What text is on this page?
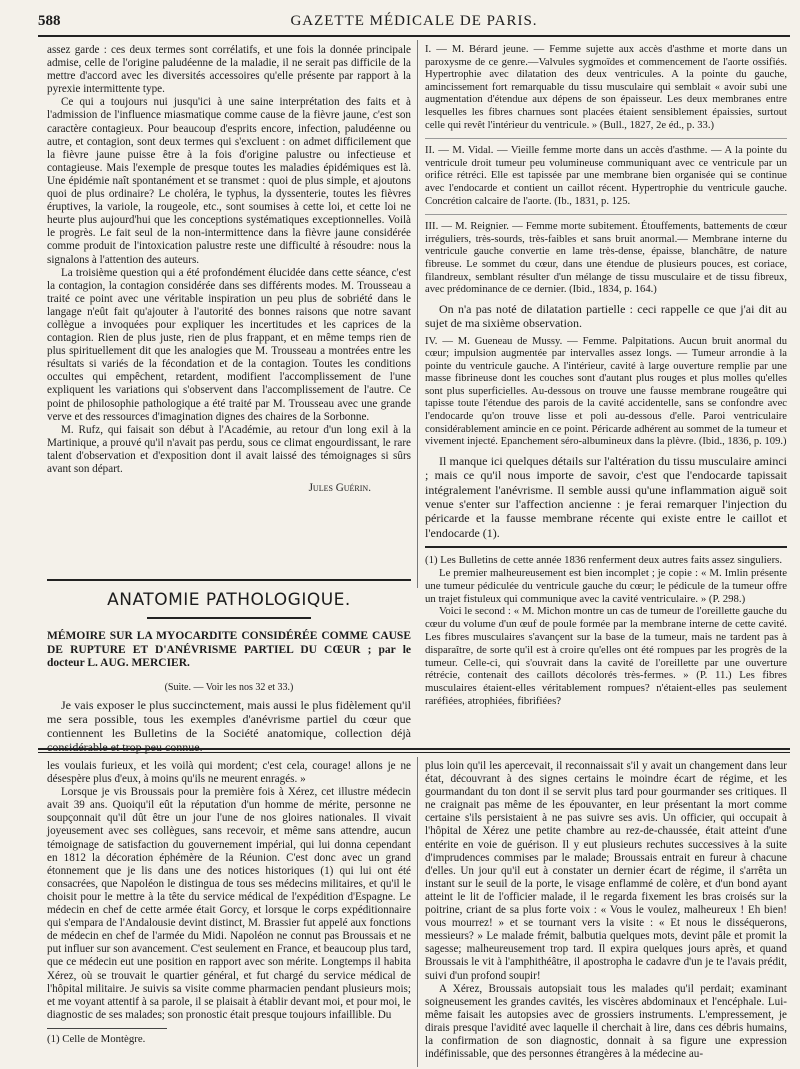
588	GAZETTE MÉDICALE DE PARIS.

assez garde : ces deux termes sont corrélatifs, et une fois la donnée principale admise, celle de l'origine paludéenne de la maladie, il ne serait pas difficile de la mettre d'accord avec les diversités accessoires qu'elle présente par rapport à la pyrexie intermittente type.

Ce qui a toujours nui jusqu'ici à une saine interprétation des faits et à l'admission de l'influence miasmatique comme cause de la fièvre jaune, c'est son caractère contagieux. Pour beaucoup d'esprits encore, infection, paludéenne ou autre, et contagion, sont deux termes qui s'excluent : on admet difficilement que la fièvre jaune puisse être à la fois d'origine palustre ou infectieuse et contagieuse. Mais l'exemple de presque toutes les maladies épidémiques est là. Une épidémie naît spontanément et se transmet : quoi de plus simple, et ajoutons quoi de plus ordinaire? Le choléra, le typhus, la dyssenterie, toutes les fièvres éruptives, la variole, la rougeole, etc., sont soumises à cette loi, et cette loi ne heurte plus aujourd'hui que les conceptions systématiques exceptionnelles. Voilà le progrès. Le fait seul de la non-intermittence dans la fièvre jaune considérée comme produit de l'intoxication palustre reste une difficulté à résoudre: nous la signalons à l'attention des auteurs.

La troisième question qui a été profondément élucidée dans cette séance, c'est la contagion, la contagion considérée dans ses différents modes. M. Trousseau a traité ce point avec une véritable inspiration un peu plus de sobriété dans le langage n'eût fait qu'ajouter à l'autorité des bonnes raisons que notre savant collègue a invoquées pour expliquer les incertitudes et les caprices de la contagion. Rien de plus juste, rien de plus frappant, et en même temps rien de plus spirituellement dit que les analogies que M. Trousseau a montrées entre les résultats si variés de la fécondation et de la contagion. Toutes les conditions occultes qui empêchent, retardent, modifient l'accomplissement de l'une expliquent les variations qui s'observent dans l'accomplissement de l'autre. Ce point de philosophie pathologique a été traité par M. Trousseau avec une grande verve et des ressources d'imagination dignes des chaires de la Sorbonne.

M. Rufz, qui faisait son début à l'Académie, au retour d'un long exil à la Martinique, a prouvé qu'il n'avait pas perdu, sous ce climat engourdissant, le rare talent d'observation et d'exposition dont il avait laissé des témoignages si sûrs avant son départ.

Jules Guérin.

I. — M. Bérard jeune. — Femme sujette aux accès d'asthme et morte dans un paroxysme de ce genre.—Valvules sygmoïdes et commencement de l'aorte ossifiés. Hypertrophie avec dilatation des deux ventricules. A la pointe du gauche, amincissement fort remarquable du tissu musculaire qui semblait « avoir subi une augmentation d'étendue aux dépens de son épaisseur. Les deux membranes entre lesquelles les fibres charnues sont placées étaient sensiblement épaissies, surtout celle qui revêt l'intérieur du ventricule. » (Bull., 1827, 2e éd., p. 33.)

II. — M. Vidal. — Vieille femme morte dans un accès d'asthme. — A la pointe du ventricule droit tumeur peu volumineuse communiquant avec ce ventricule par un orifice rétréci. Elle est tapissée par une membrane bien organisée qui se continue avec l'endocarde et contient un caillot récent. Hypertrophie du ventricule gauche. Concrétion calcaire de l'aorte. (Ib., 1831, p. 125.

III. — M. Reignier. — Femme morte subitement. Étouffements, battements de cœur irréguliers, très-sourds, très-faibles et sans bruit anormal.— Membrane interne du ventricule gauche convertie en lame très-dense, épaisse, blanchâtre, de nature fibreuse. Le sommet du cœur, dans une étendue de plusieurs pouces, est coriace, filandreux, semblant résulter d'un mélange de tissu musculaire et de tissu fibreux, avec prédominance de ce dernier. (Ibid., 1834, p. 164.)

On n'a pas noté de dilatation partielle : ceci rappelle ce que j'ai dit au sujet de ma sixième observation.

IV. — M. Gueneau de Mussy. — Femme. Palpitations. Aucun bruit anormal du cœur; impulsion augmentée par intervalles assez longs. — Tumeur arrondie à la pointe du ventricule gauche. A l'intérieur, cavité à large ouverture remplie par une masse fibrineuse dont les couches sont d'autant plus rouges et plus molles qu'elles sont plus superficielles. Au-dessous on trouve une fausse membrane rougeâtre qui tapisse toute l'étendue des parois de la cavité accidentelle, sans se confondre avec l'endocarde qu'on trouve lisse et poli au-dessous d'elle. Paroi ventriculaire considérablement amincie en ce point. Péricarde adhérent au sommet de la tumeur et vivement injecté. Epanchement séro-albumineux dans la plèvre. (Ibid., 1836, p. 109.)

Il manque ici quelques détails sur l'altération du tissu musculaire aminci ; mais ce qu'il nous importe de savoir, c'est que l'endocarde tapissait intégralement l'anévrisme. Il semble aussi qu'une inflammation aiguë soit venue s'enter sur l'affection ancienne : je ferai remarquer l'injection du péricarde et la fausse membrane récente qui existe entre le caillot et l'endocarde (1).

(1) Les Bulletins de cette année 1836 renferment deux autres faits assez singuliers.

Le premier malheureusement est bien incomplet ; je copie : « M. Imlin présente une tumeur pédiculée du ventricule gauche du cœur; le pédicule de la tumeur offre un trajet fistuleux qui communique avec la cavité ventriculaire. » (P. 298.)

Voici le second : « M. Michon montre un cas de tumeur de l'oreillette gauche du cœur du volume d'un œuf de poule formée par la membrane interne de cette cavité. Les fibres musculaires s'avançent sur la base de la tumeur, mais ne tardent pas à disparaître, de sorte qu'il est à croire qu'elles ont été rompues par les progrès de la tumeur. Celle-ci, qui s'ouvrait dans la cavité de l'oreillette par une ouverture rétrécie, contenait des caillots décolorés très-fermes. » (P. 11.) Les fibres musculaires étaient-elles véritablement rompues? n'étaient-elles pas seulement raréfiées, atrophiées, fibrifiées?

ANATOMIE PATHOLOGIQUE.

MÉMOIRE SUR LA MYOCARDITE CONSIDÉRÉE COMME CAUSE DE RUPTURE ET D'ANÉVRISME PARTIEL DU CŒUR ; par le docteur L. AUG. MERCIER.

(Suite. — Voir les nos 32 et 33.)

Je vais exposer le plus succinctement, mais aussi le plus fidèlement qu'il me sera possible, tous les exemples d'anévrisme partiel du cœur que contiennent les Bulletins de la Société anatomique, collection déjà

les voulais furieux, et les voilà qui mordent; c'est cela, courage! allons je ne désespère plus d'eux, à moins qu'ils ne meurent enragés. »

Lorsque je vis Broussais pour la première fois à Xérez, cet illustre médecin avait 39 ans. Quoiqu'il eût la réputation d'un homme de mérite, personne ne soupçonnait qu'il dût être un jour l'une de nos gloires nationales. Il vivait joyeusement avec ses collègues, sans recevoir, et même sans attendre, aucun témoignage de satisfaction du gouvernement impérial, qui lui donna cependant en 1812 la décoration éphémère de la Réunion. C'est donc avec un grand étonnement que je lis dans une des notices historiques (1) qui lui ont été consacrées, que Napoléon le distingua de tous ses médecins militaires, et qu'il le choisit pour le mettre à la tête du service médical de l'expédition d'Espagne. Le médecin en chef de cette armée était Gorcy, et lorsque le corps expéditionnaire qui s'empara de l'Andalousie devint distinct, M. Brassier fut appelé aux fonctions de médecin en chef de l'armée du Midi. Napoléon ne connut pas Broussais et ne put influer sur son avancement. C'est seulement en France, et beaucoup plus tard, que ce médecin eut une position en rapport avec son mérite. Longtemps il habita Xérez, où se trouvait le quartier général, et fut chargé du service médical de l'hôpital militaire. Je suivis sa visite comme pharmacien pendant plusieurs mois; et me voyant attentif à sa parole, il se plaisait à établir devant moi, et pour moi, le diagnostic de ses malades; son pronostic était presque toujours infaillible. Du

(1) Celle de Montègre.

plus loin qu'il les apercevait, il reconnaissait s'il y avait un changement dans leur état, découvrant à des signes certains le moindre écart de régime, et les gourmandant du ton dont il se servit plus tard pour gourmander ses critiques. Il ne craignait pas même de les épouvanter, en leur présentant la mort comme certaine s'ils persistaient à ne pas suivre ses avis. Un officier, qui occupait à l'hôpital de Xérez une petite chambre au rez-de-chaussée, était atteint d'une entérite en voie de guérison. Il y eut plusieurs rechutes successives à la suite d'imprudences commises par le malade; Broussais entrait en fureur à chacune d'elles. Un jour qu'il eut à constater un dernier écart de régime, il s'arrêta un instant sur le seuil de la porte, le visage enflammé de colère, et d'un bond ayant atteint le lit de l'officier malade, il le regarda fixement les bras croisés sur la poitrine, criant de sa plus forte voix : « Vous le voulez, malheureux ! Eh bien! vous mourrez! » et se tournant vers la visite : « Et nous le disséquerons, messieurs? » Le malade frémit, balbutia quelques mots, devint pâle et promit la sagesse; malheureusement trop tard. Il expira quelques jours après, et quand Broussais le vit à l'amphithéâtre, il apostropha le cadavre d'un je te l'avais prédit, suivi d'un profond soupir!

A Xérez, Broussais autopsiait tous les malades qu'il perdait; examinant soigneusement les grandes cavités, les viscères abdominaux et l'encéphale. Lui-même faisait les autopsies avec de grossiers instruments. L'empressement, je dirais presque l'avidité avec laquelle il cherchait à lire, dans ces débris humains, la confirmation de son diagnostic, donnait à sa figure une expression indéfinissable, que des personnes étrangères à la médecine au-
